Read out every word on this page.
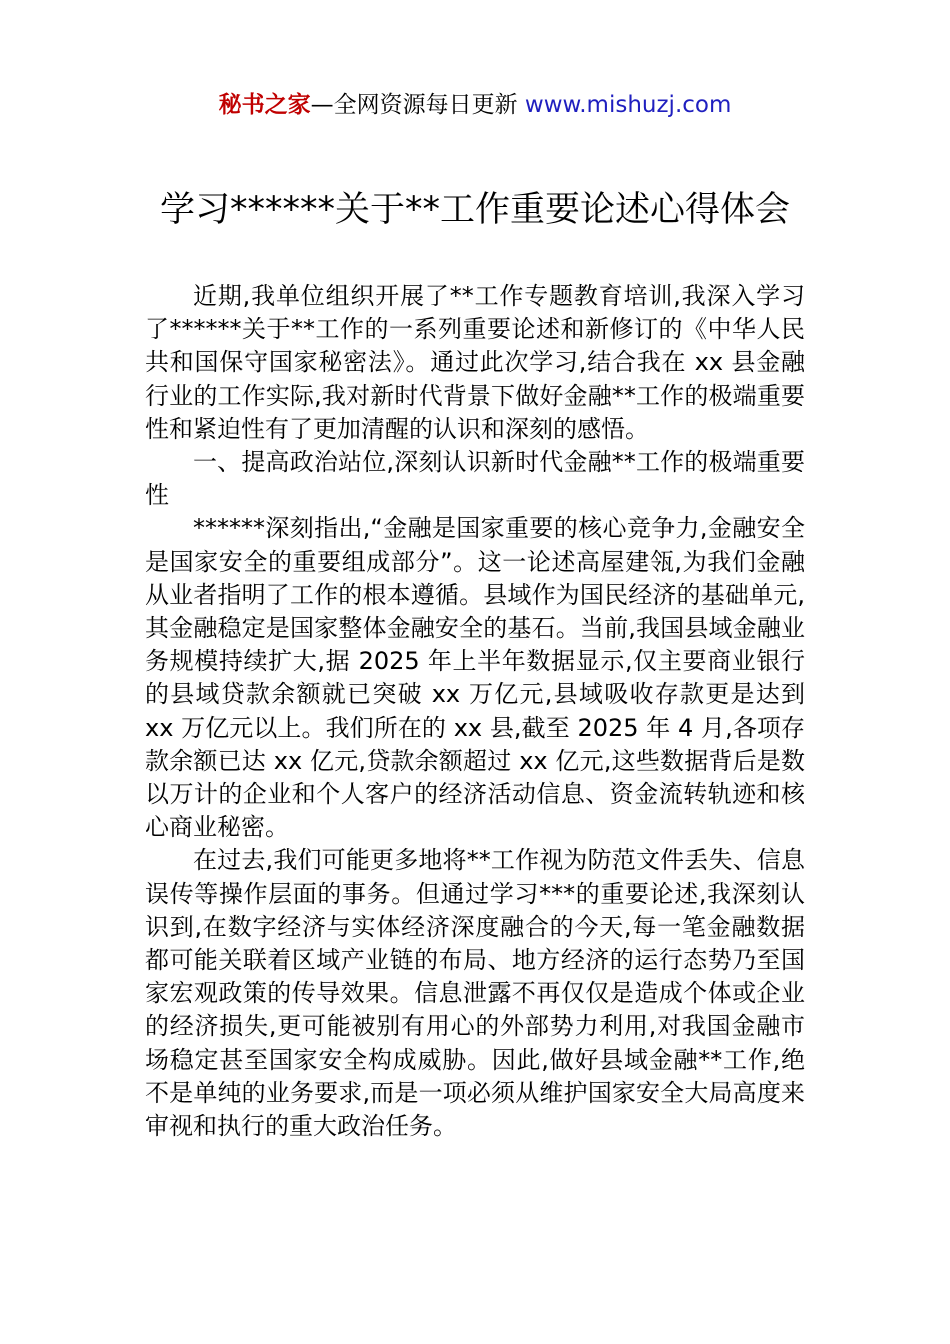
秘书之家—全网资源每日更新 www.mishuzj.com
学习******关于**工作重要论述心得体会

近期,我单位组织开展了**工作专题教育培训,我深入学习了******关于**工作的一系列重要论述和新修订的《中华人民共和国保守国家秘密法》。通过此次学习,结合我在 xx 县金融行业的工作实际,我对新时代背景下做好金融**工作的极端重要性和紧迫性有了更加清醒的认识和深刻的感悟。

一、提高政治站位,深刻认识新时代金融**工作的极端重要性

******深刻指出,“金融是国家重要的核心竞争力,金融安全是国家安全的重要组成部分”。这一论述高屋建瓴,为我们金融从业者指明了工作的根本遵循。县域作为国民经济的基础单元,其金融稳定是国家整体金融安全的基石。当前,我国县域金融业务规模持续扩大,据 2025 年上半年数据显示,仅主要商业银行的县域贷款余额就已突破 xx 万亿元,县域吸收存款更是达到 xx 万亿元以上。我们所在的 xx 县,截至 2025 年 4 月,各项存款余额已达 xx 亿元,贷款余额超过 xx 亿元,这些数据背后是数以万计的企业和个人客户的经济活动信息、资金流转轨迹和核心商业秘密。

在过去,我们可能更多地将**工作视为防范文件丢失、信息误传等操作层面的事务。但通过学习***的重要论述,我深刻认识到,在数字经济与实体经济深度融合的今天,每一笔金融数据都可能关联着区域产业链的布局、地方经济的运行态势乃至国家宏观政策的传导效果。信息泄露不再仅仅是造成个体或企业的经济损失,更可能被别有用心的外部势力利用,对我国金融市场稳定甚至国家安全构成威胁。因此,做好县域金融**工作,绝不是单纯的业务要求,而是一项必须从维护国家安全大局高度来审视和执行的重大政治任务。
